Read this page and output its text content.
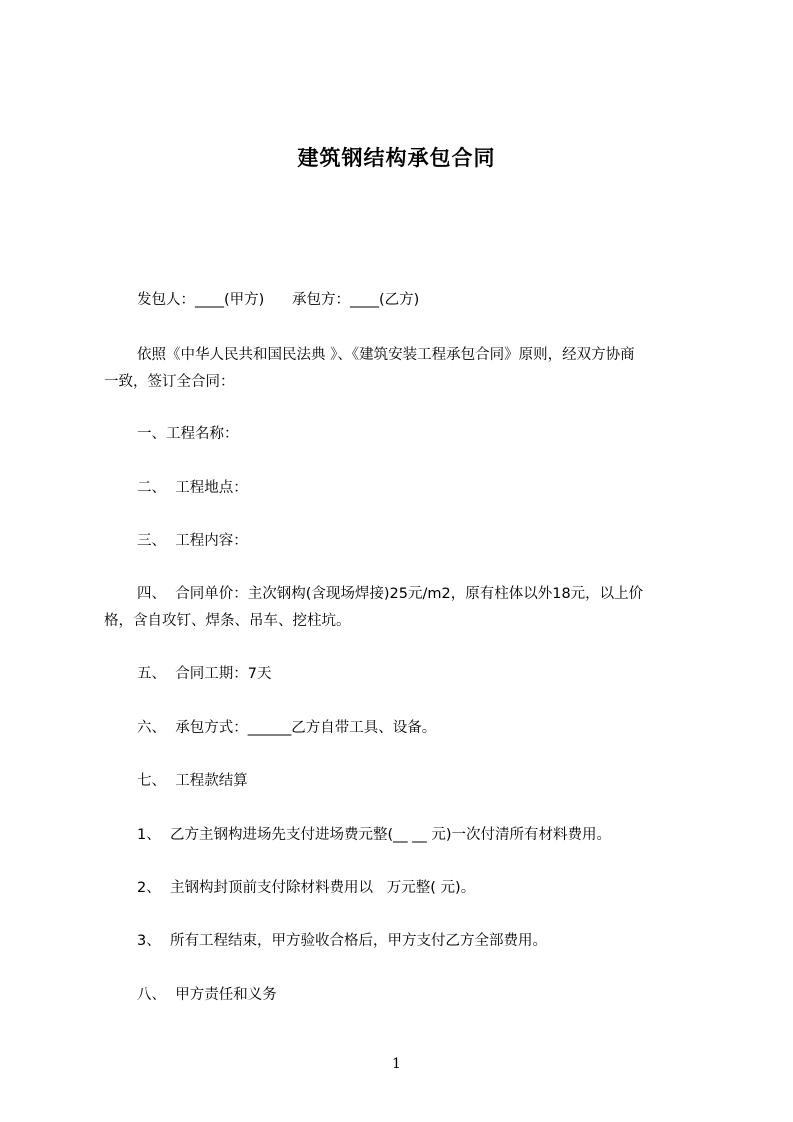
建筑钢结构承包合同
发包人：____(甲方)      承包方：____(乙方)
依照《中华人民共和国民法典 》、《建筑安装工程承包合同》原则，经双方协商
一致，签订全合同：
一、工程名称：
二、  工程地点：
三、  工程内容：
四、  合同单价：主次钢构(含现场焊接)25元/m2，原有柱体以外18元，以上价
格，含自攻钉、焊条、吊车、挖柱坑。
五、  合同工期：7天
六、  承包方式：______乙方自带工具、设备。
七、  工程款结算
1、  乙方主钢构进场先支付进场费元整(__ __ 元)一次付清所有材料费用。
2、  主钢构封顶前支付除材料费用以   万元整( 元)。
3、  所有工程结束，甲方验收合格后，甲方支付乙方全部费用。
八、  甲方责任和义务
1
